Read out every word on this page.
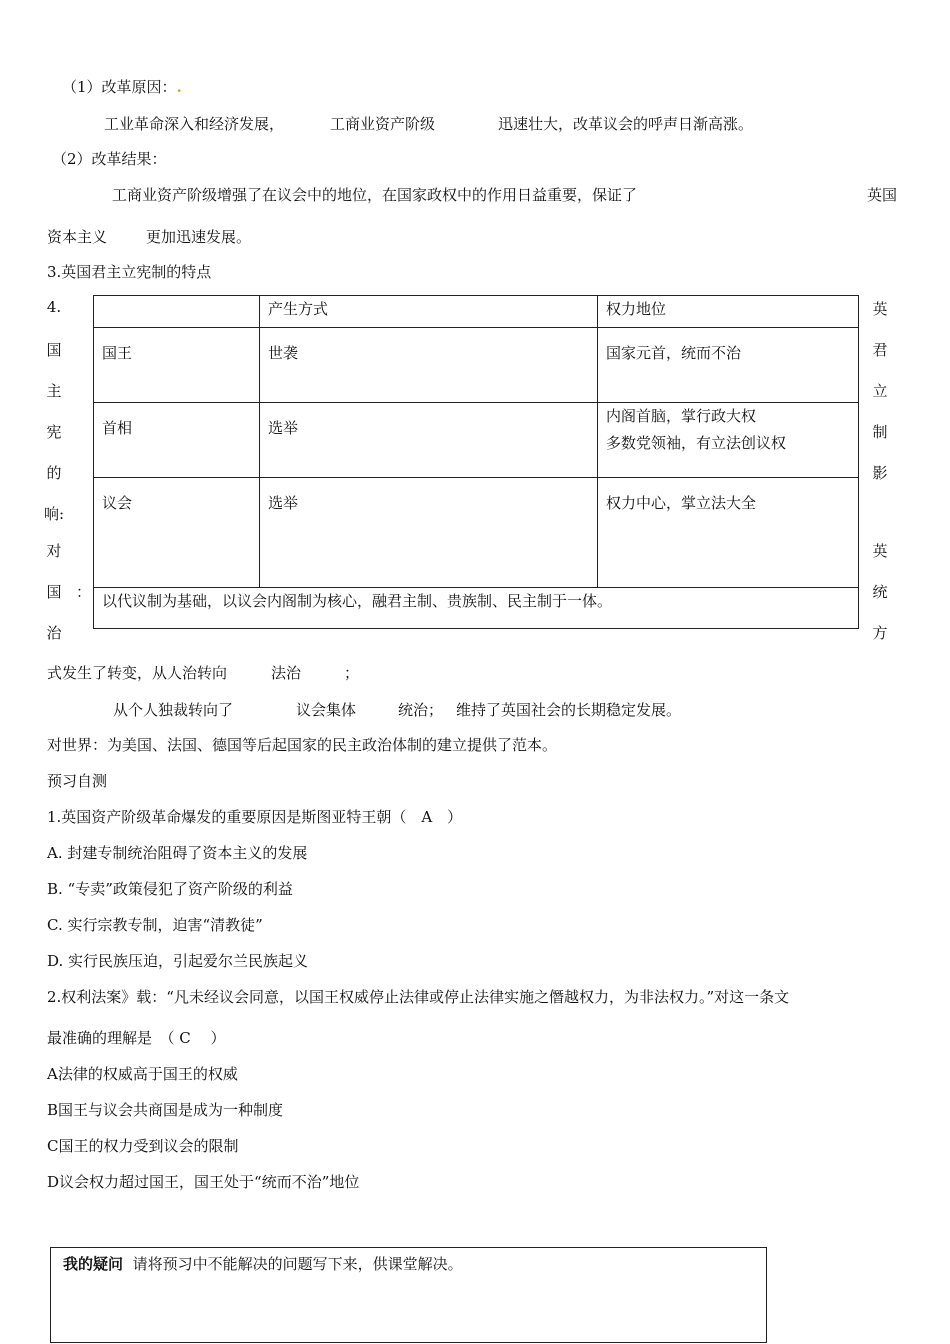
（1）改革原因：.
工业革命深入和经济发展，	工商业资产阶级	迅速壮大，改革议会的呼声日渐高涨。
（2）改革结果：
工商业资产阶级增强了在议会中的地位，在国家政权中的作用日益重要，保证了	英国
资本主义	更加迅速发展。
3.英国君主立宪制的特点
4.
国
主
宪
的
响:
对
国
治
：
英
君
立
制
影
英
统
方
	产生方式	权力地位
国王	世袭	国家元首，统而不治
首相	选举	内阁首脑，掌行政大权
多数党领袖，有立法创议权

议会	选举	权力中心，掌立法大全
以代议制为基础，以议会内阁制为核心，融君主制、贵族制、民主制于一体。		
式发生了转变，从人治转向	法治	；
从个人独裁转向了	议会集体	统治； 维持了英国社会的长期稳定发展。
对世界：为美国、法国、德国等后起国家的民主政治体制的建立提供了范本。
预习自测
1.英国资产阶级革命爆发的重要原因是斯图亚特王朝（　A　）
A. 封建专制统治阻碍了资本主义的发展
B. “专卖”政策侵犯了资产阶级的利益
C. 实行宗教专制，迫害“清教徒”
D. 实行民族压迫，引起爱尔兰民族起义
2.权利法案》载：“凡未经议会同意，以国王权威停止法律或停止法律实施之僭越权力，为非法权力。”对这一条文
最准确的理解是　（ C　 ）
A法律的权威高于国王的权威
B国王与议会共商国是成为一种制度
C国王的权力受到议会的限制
D议会权力超过国王，国王处于“统而不治”地位
我的疑问 请将预习中不能解决的问题写下来，供课堂解决。
